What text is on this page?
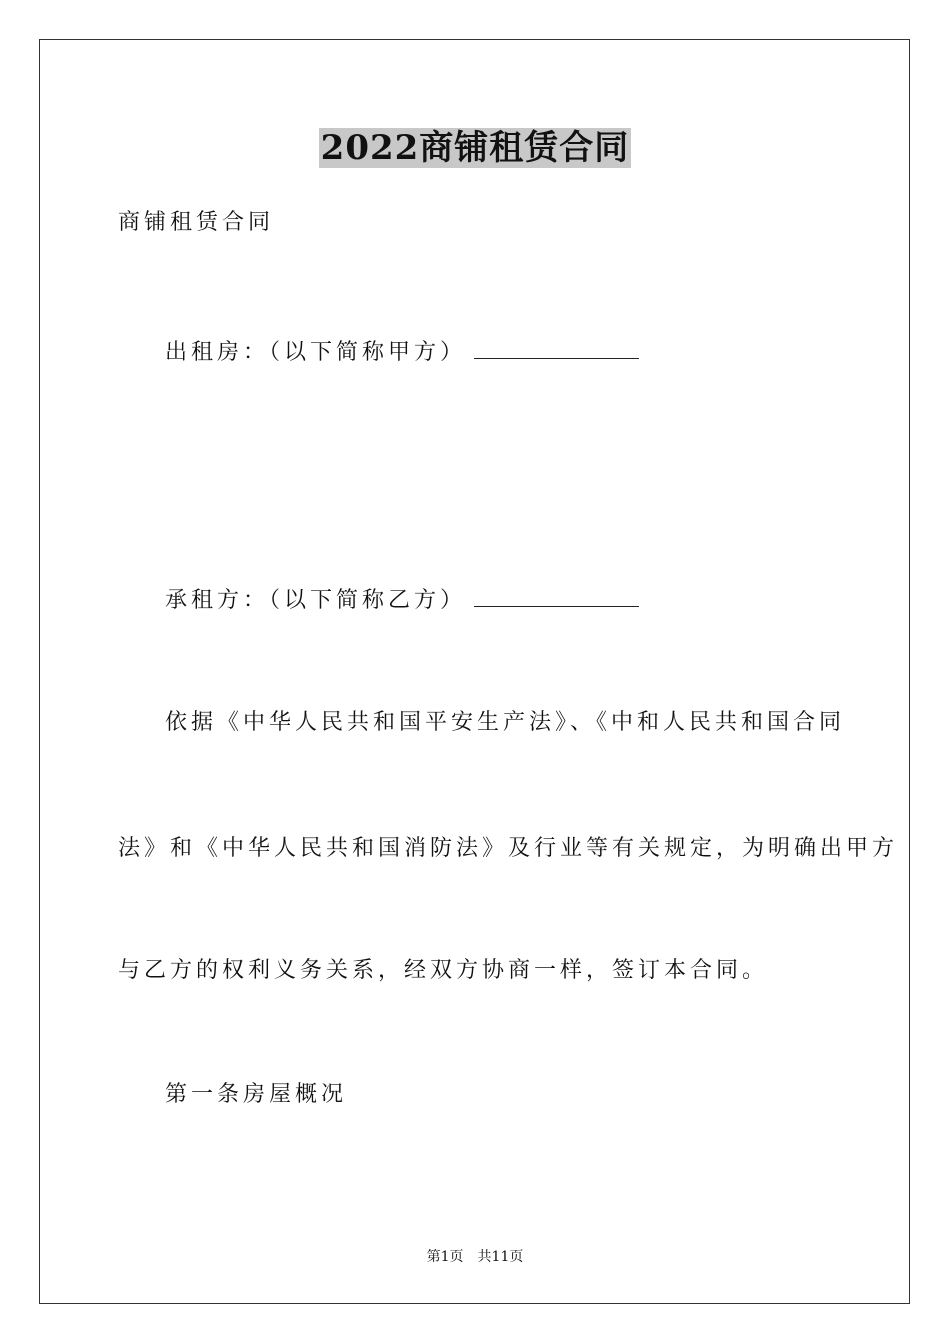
2022商铺租赁合同

商铺租赁合同

出租房：（以下简称甲方）

承租方：（以下简称乙方）

依据《中华人民共和国平安生产法》、《中和人民共和国合同

法》和《中华人民共和国消防法》及行业等有关规定，为明确出甲方

与乙方的权利义务关系，经双方协商一样，签订本合同。

第一条房屋概况

第1页　共11页
